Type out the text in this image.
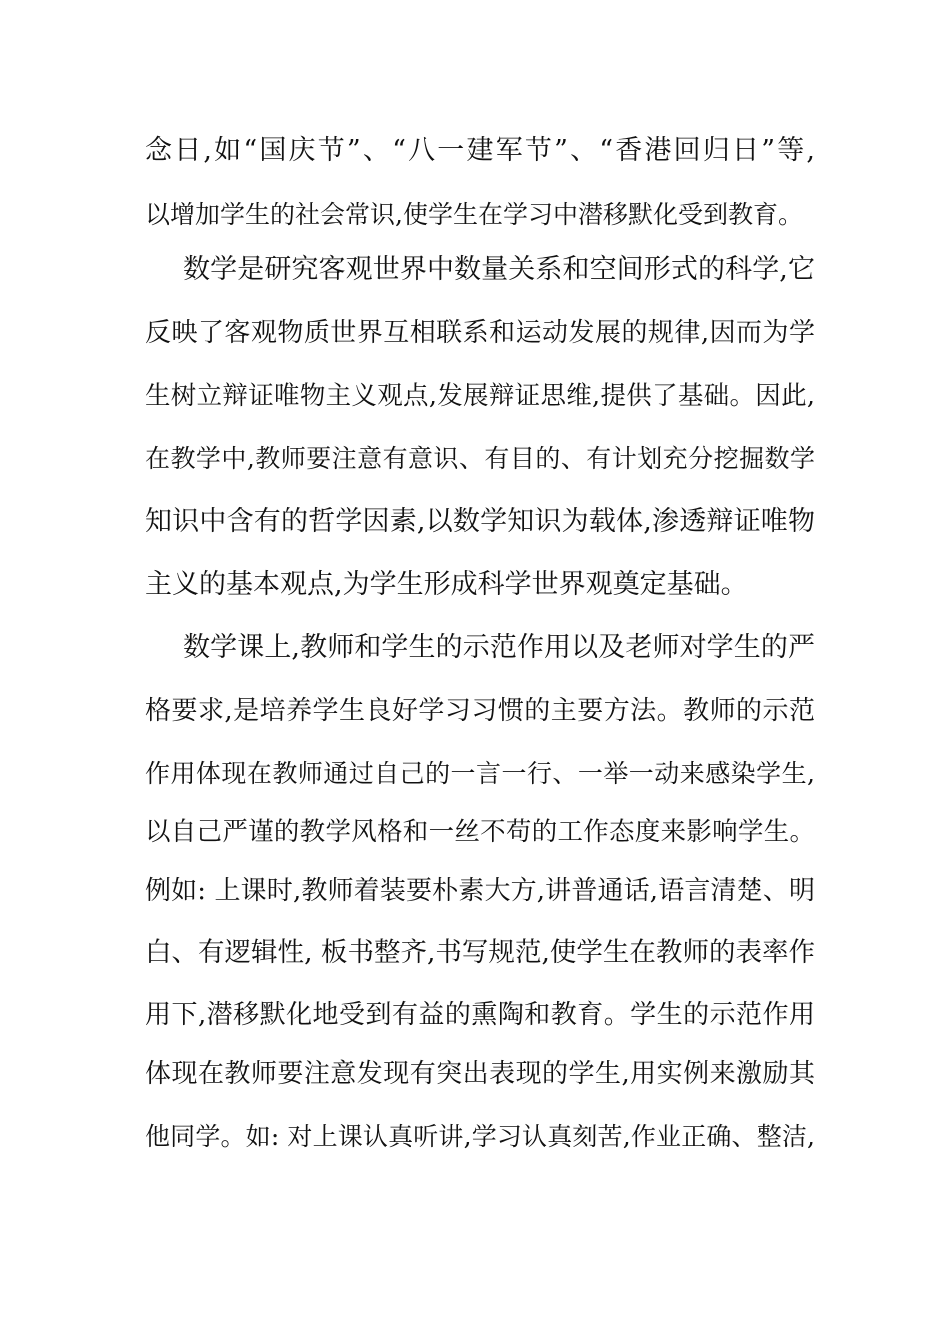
念日,如“国庆节”、“八一建军节”、“香港回归日”等,
以增加学生的社会常识,使学生在学习中潜移默化受到教育。
数学是研究客观世界中数量关系和空间形式的科学,它
反映了客观物质世界互相联系和运动发展的规律,因而为学
生树立辩证唯物主义观点,发展辩证思维,提供了基础。因此,
在教学中,教师要注意有意识、有目的、有计划充分挖掘数学
知识中含有的哲学因素,以数学知识为载体,渗透辩证唯物
主义的基本观点,为学生形成科学世界观奠定基础。
数学课上,教师和学生的示范作用以及老师对学生的严
格要求,是培养学生良好学习习惯的主要方法。教师的示范
作用体现在教师通过自己的一言一行、一举一动来感染学生,
以自己严谨的教学风格和一丝不苟的工作态度来影响学生。
例如: 上课时,教师着装要朴素大方,讲普通话,语言清楚、明
白、有逻辑性, 板书整齐,书写规范,使学生在教师的表率作
用下,潜移默化地受到有益的熏陶和教育。学生的示范作用
体现在教师要注意发现有突出表现的学生,用实例来激励其
他同学。如: 对上课认真听讲,学习认真刻苦,作业正确、整洁,
